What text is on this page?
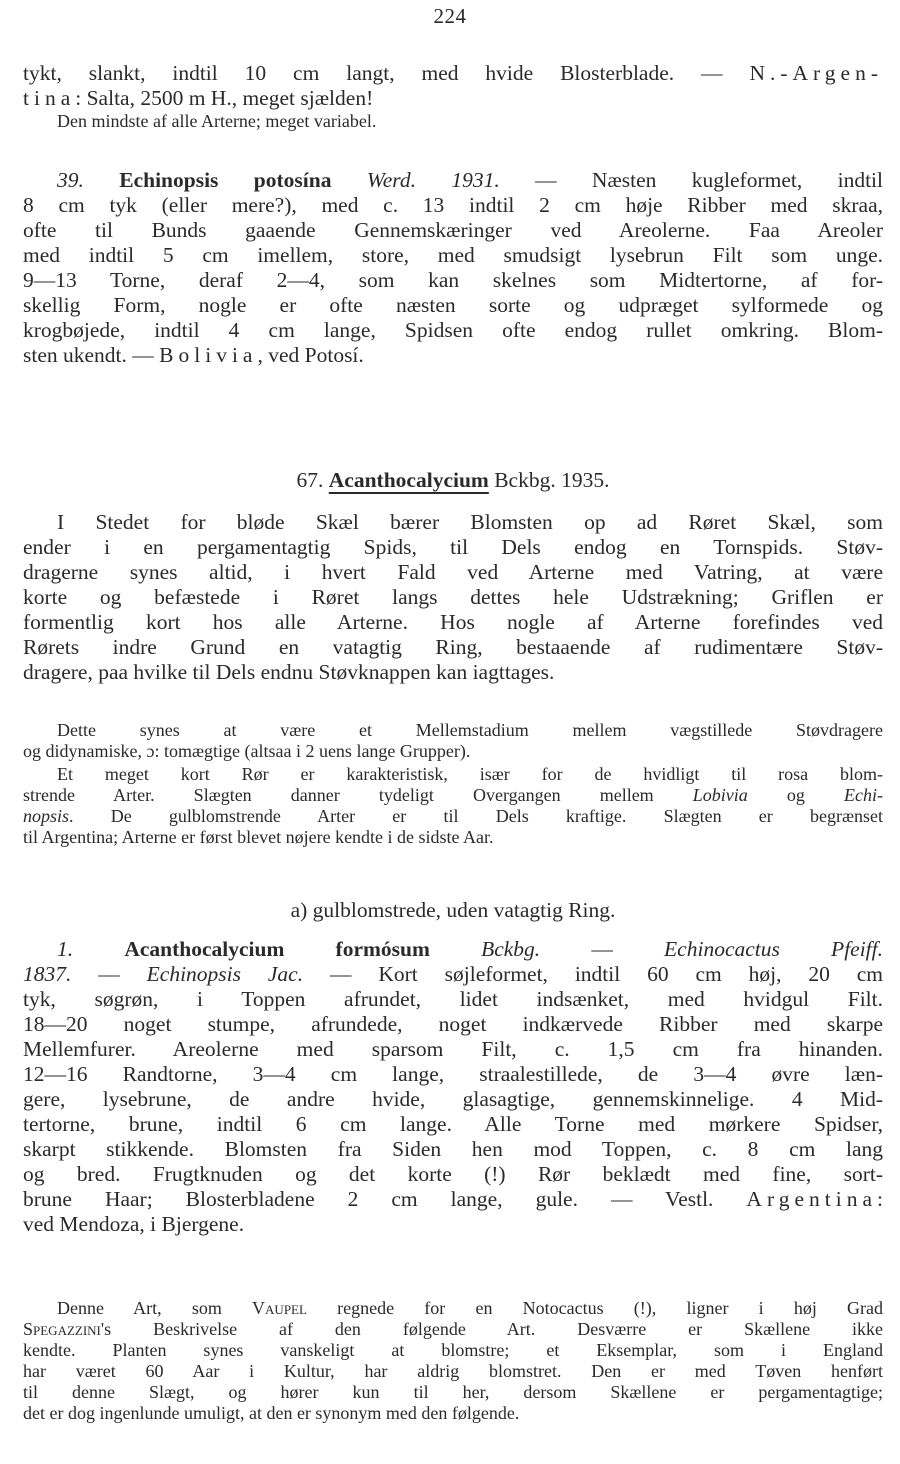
224
tykt, slankt, indtil 10 cm langt, med hvide Blosterblade. — N.-Argen-
tina: Salta, 2500 m H., meget sjælden!
Den mindste af alle Arterne; meget variabel.
39. Echinopsis potosína Werd. 1931. — Næsten kugleformet, indtil
8 cm tyk (eller mere?), med c. 13 indtil 2 cm høje Ribber med skraa,
ofte til Bunds gaaende Gennemskæringer ved Areolerne. Faa Areoler
med indtil 5 cm imellem, store, med smudsigt lysebrun Filt som unge.
9—13 Torne, deraf 2—4, som kan skelnes som Midtertorne, af for-
skellig Form, nogle er ofte næsten sorte og udpræget sylformede og
krogbøjede, indtil 4 cm lange, Spidsen ofte endog rullet omkring. Blom-
sten ukendt. — Bolivia, ved Potosí.
67. Acanthocalycium Bckbg. 1935.
I Stedet for bløde Skæl bærer Blomsten op ad Røret Skæl, som
ender i en pergamentagtig Spids, til Dels endog en Tornspids. Støv-
dragerne synes altid, i hvert Fald ved Arterne med Vatring, at være
korte og befæstede i Røret langs dettes hele Udstrækning; Griflen er
formentlig kort hos alle Arterne. Hos nogle af Arterne forefindes ved
Rørets indre Grund en vatagtig Ring, bestaaende af rudimentære Støv-
dragere, paa hvilke til Dels endnu Støvknappen kan iagttages.
Dette synes at være et Mellemstadium mellem vægstillede Støvdragere
og didynamiske, ɔ: tomægtige (altsaa i 2 uens lange Grupper).
Et meget kort Rør er karakteristisk, især for de hvidligt til rosa blom-
strende Arter. Slægten danner tydeligt Overgangen mellem Lobivia og Echi-
nopsis. De gulblomstrende Arter er til Dels kraftige. Slægten er begrænset
til Argentina; Arterne er først blevet nøjere kendte i de sidste Aar.
a) gulblomstrede, uden vatagtig Ring.
1. Acanthocalycium formósum Bckbg. — Echinocactus Pfeiff.
1837. — Echinopsis Jac. — Kort søjleformet, indtil 60 cm høj, 20 cm
tyk, søgrøn, i Toppen afrundet, lidet indsænket, med hvidgul Filt.
18—20 noget stumpe, afrundede, noget indkærvede Ribber med skarpe
Mellemfurer. Areolerne med sparsom Filt, c. 1,5 cm fra hinanden.
12—16 Randtorne, 3—4 cm lange, straalestillede, de 3—4 øvre læn-
gere, lysebrune, de andre hvide, glasagtige, gennemskinnelige. 4 Mid-
tertorne, brune, indtil 6 cm lange. Alle Torne med mørkere Spidser,
skarpt stikkende. Blomsten fra Siden hen mod Toppen, c. 8 cm lang
og bred. Frugtknuden og det korte (!) Rør beklædt med fine, sort-
brune Haar; Blosterbladene 2 cm lange, gule. — Vestl. Argentina:
ved Mendoza, i Bjergene.
Denne Art, som Vaupel regnede for en Notocactus (!), ligner i høj Grad
Spegazzini's Beskrivelse af den følgende Art. Desværre er Skællene ikke
kendte. Planten synes vanskeligt at blomstre; et Eksemplar, som i England
har været 60 Aar i Kultur, har aldrig blomstret. Den er med Tøven henført
til denne Slægt, og hører kun til her, dersom Skællene er pergamentagtige;
det er dog ingenlunde umuligt, at den er synonym med den følgende.
